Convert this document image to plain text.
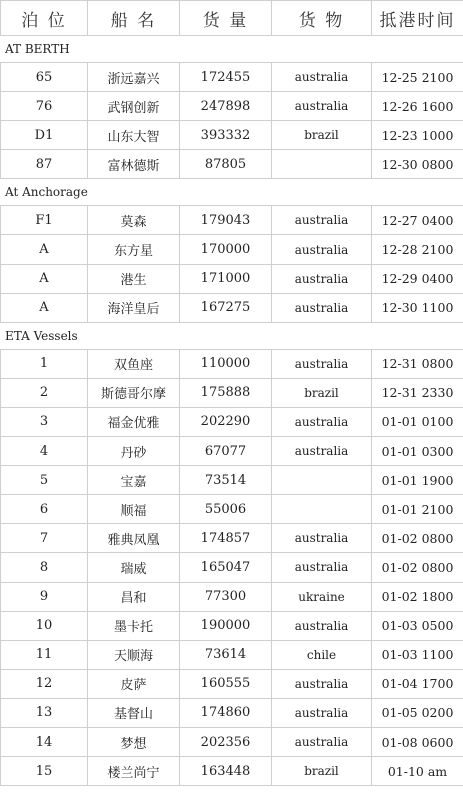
泊 位	船 名	货 量	货 物	抵港时间
AT BERTH				
65	浙远嘉兴	172455	australia	12-25 2100
76	武钢创新	247898	australia	12-26 1600
D1	山东大智	393332	brazil	12-23 1000
87	富林德斯	87805		12-30 0800
At Anchorage				
F1	莫森	179043	australia	12-27 0400
A	东方星	170000	australia	12-28 2100
A	港生	171000	australia	12-29 0400
A	海洋皇后	167275	australia	12-30 1100
ETA Vessels				
1	双鱼座	110000	australia	12-31 0800
2	斯德哥尔摩	175888	brazil	12-31 2330
3	福金优雅	202290	australia	01-01 0100
4	丹砂	67077	australia	01-01 0300
5	宝嘉	73514		01-01 1900
6	顺福	55006		01-01 2100
7	雅典凤凰	174857	australia	01-02 0800
8	瑞威	165047	australia	01-02 0800
9	昌和	77300	ukraine	01-02 1800
10	墨卡托	190000	australia	01-03 0500
11	天顺海	73614	chile	01-03 1100
12	皮萨	160555	australia	01-04 1700
13	基督山	174860	australia	01-05 0200
14	梦想	202356	australia	01-08 0600
15	楼兰尚宁	163448	brazil	01-10 am
